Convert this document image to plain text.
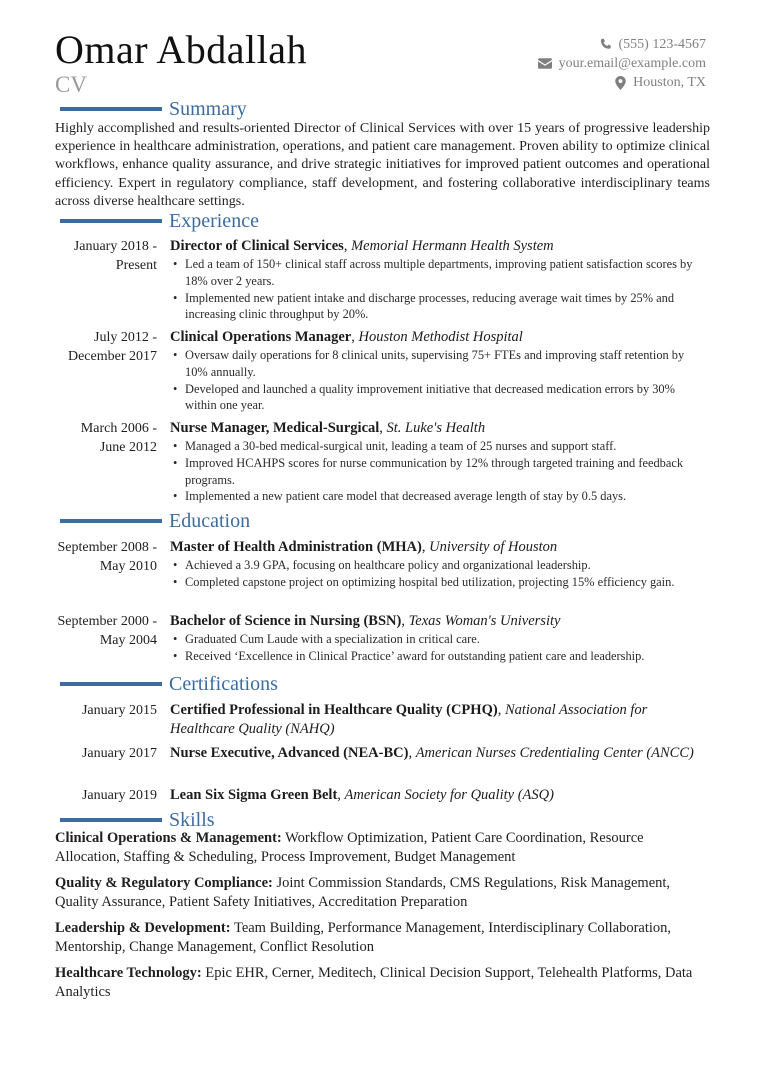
Omar Abdallah
CV
(555) 123-4567
your.email@example.com
Houston, TX
Summary

Highly accomplished and results-oriented Director of Clinical Services with over 15 years of progressive leadership experience in healthcare administration, operations, and patient care management. Proven ability to optimize clinical workflows, enhance quality assurance, and drive strategic initiatives for improved patient outcomes and operational efficiency. Expert in regulatory compliance, staff development, and fostering collaborative interdisciplinary teams across diverse healthcare settings.

Experience
January 2018 - Present
Director of Clinical Services, Memorial Hermann Health System
• Led a team of 150+ clinical staff across multiple departments, improving patient satisfaction scores by 18% over 2 years.
• Implemented new patient intake and discharge processes, reducing average wait times by 25% and increasing clinic throughput by 20%.
July 2012 - December 2017
Clinical Operations Manager, Houston Methodist Hospital
• Oversaw daily operations for 8 clinical units, supervising 75+ FTEs and improving staff retention by 10% annually.
• Developed and launched a quality improvement initiative that decreased medication errors by 30% within one year.
March 2006 - June 2012
Nurse Manager, Medical-Surgical, St. Luke's Health
• Managed a 30-bed medical-surgical unit, leading a team of 25 nurses and support staff.
• Improved HCAHPS scores for nurse communication by 12% through targeted training and feedback programs.
• Implemented a new patient care model that decreased average length of stay by 0.5 days.
Education
September 2008 - May 2010
Master of Health Administration (MHA), University of Houston
• Achieved a 3.9 GPA, focusing on healthcare policy and organizational leadership.
• Completed capstone project on optimizing hospital bed utilization, projecting 15% efficiency gain.
September 2000 - May 2004
Bachelor of Science in Nursing (BSN), Texas Woman's University
• Graduated Cum Laude with a specialization in critical care.
• Received ‘Excellence in Clinical Practice’ award for outstanding patient care and leadership.
Certifications
January 2015 Certified Professional in Healthcare Quality (CPHQ), National Association for Healthcare Quality (NAHQ)
January 2017 Nurse Executive, Advanced (NEA-BC), American Nurses Credentialing Center (ANCC)
January 2019 Lean Six Sigma Green Belt, American Society for Quality (ASQ)
Skills

Clinical Operations & Management: Workflow Optimization, Patient Care Coordination, Resource Allocation, Staffing & Scheduling, Process Improvement, Budget Management

Quality & Regulatory Compliance: Joint Commission Standards, CMS Regulations, Risk Management, Quality Assurance, Patient Safety Initiatives, Accreditation Preparation

Leadership & Development: Team Building, Performance Management, Interdisciplinary Collaboration, Mentorship, Change Management, Conflict Resolution

Healthcare Technology: Epic EHR, Cerner, Meditech, Clinical Decision Support, Telehealth Platforms, Data Analytics
